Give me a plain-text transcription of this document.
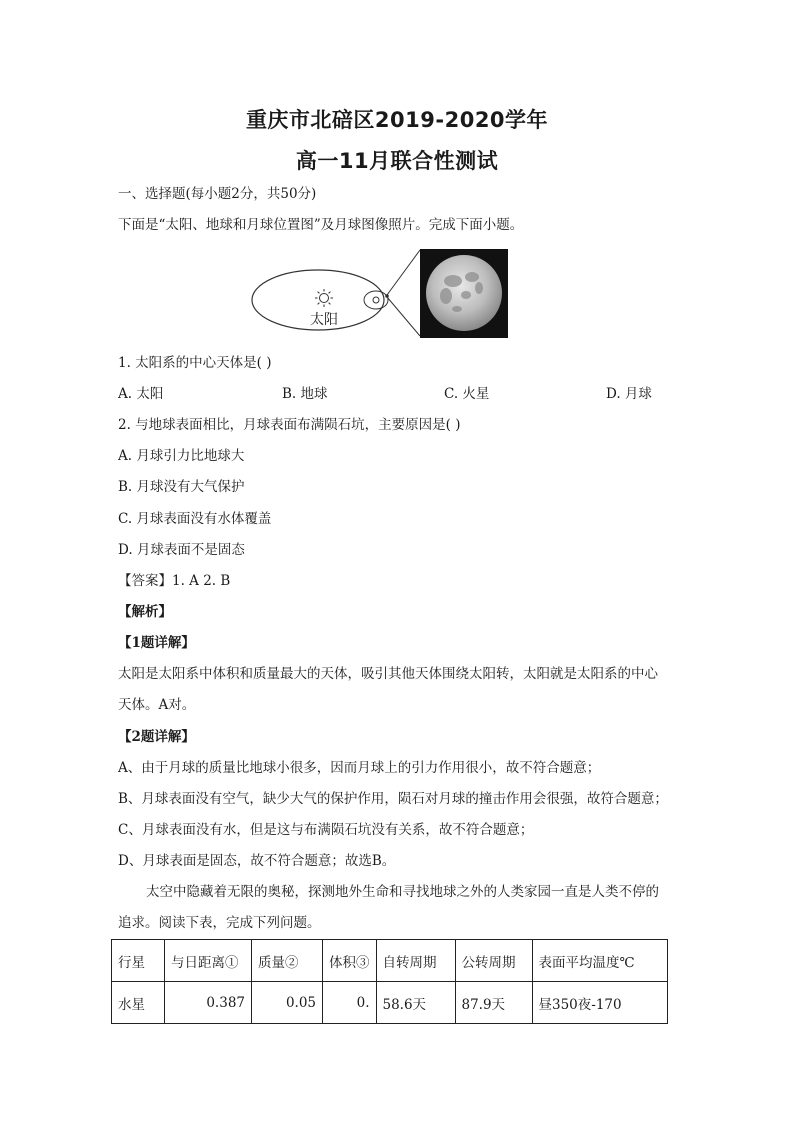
重庆市北碚区2019-2020学年
高一11月联合性测试
一、选择题(每小题2分，共50分)
下面是“太阳、地球和月球位置图”及月球图像照片。完成下面小题。
太阳
1. 太阳系的中心天体是( )
A. 太阳	B. 地球	C. 火星	D. 月球
2. 与地球表面相比，月球表面布满陨石坑，主要原因是( )
A. 月球引力比地球大
B. 月球没有大气保护
C. 月球表面没有水体覆盖
D. 月球表面不是固态
【答案】1. A 2. B
【解析】
【1题详解】
太阳是太阳系中体积和质量最大的天体，吸引其他天体围绕太阳转，太阳就是太阳系的中心
天体。A对。
【2题详解】
A、由于月球的质量比地球小很多，因而月球上的引力作用很小，故不符合题意；
B、月球表面没有空气，缺少大气的保护作用，陨石对月球的撞击作用会很强，故符合题意；
C、月球表面没有水，但是这与布满陨石坑没有关系，故不符合题意；
D、月球表面是固态，故不符合题意；故选B。
太空中隐藏着无限的奥秘，探测地外生命和寻找地球之外的人类家园一直是人类不停的
追求。阅读下表，完成下列问题。
行星	与日距离①	质量②	体积③	自转周期	公转周期	表面平均温度℃
水星	0.387	0.05	0.	58.6天	87.9天	昼350夜-170
